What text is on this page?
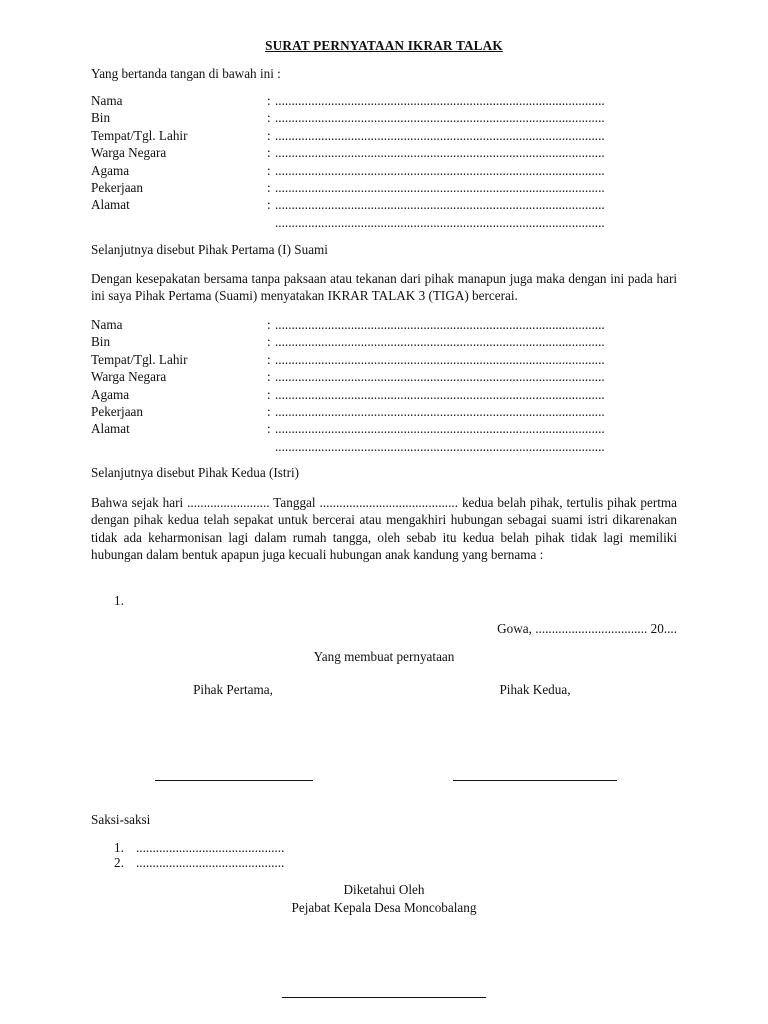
SURAT PERNYATAAN IKRAR TALAK
Yang bertanda tangan di bawah ini :
Nama	: ....................................................................................................
Bin	: ....................................................................................................
Tempat/Tgl. Lahir	: ....................................................................................................
Warga Negara	: ....................................................................................................
Agama	: ....................................................................................................
Pekerjaan	: ....................................................................................................
Alamat	: ....................................................................................................
....................................................................................................
Selanjutnya disebut Pihak Pertama (I) Suami
Dengan kesepakatan bersama tanpa paksaan atau tekanan dari pihak manapun juga maka dengan ini pada hari ini saya Pihak Pertama (Suami) menyatakan IKRAR TALAK 3 (TIGA) bercerai.
Nama	: ....................................................................................................
Bin	: ....................................................................................................
Tempat/Tgl. Lahir	: ....................................................................................................
Warga Negara	: ....................................................................................................
Agama	: ....................................................................................................
Pekerjaan	: ....................................................................................................
Alamat	: ....................................................................................................
....................................................................................................
Selanjutnya disebut Pihak Kedua (Istri)
Bahwa sejak hari ......................... Tanggal .......................................... kedua belah pihak, tertulis pihak pertma dengan pihak kedua telah sepakat untuk bercerai atau mengakhiri hubungan sebagai suami istri dikarenakan tidak ada keharmonisan lagi dalam rumah tangga, oleh sebab itu kedua belah pihak tidak lagi memiliki hubungan dalam bentuk apapun juga kecuali hubungan anak kandung yang bernama :
1.
Gowa, .................................. 20....
Yang membuat pernyataan
Pihak Pertama,	Pihak Kedua,
Saksi-saksi
1. .............................................
2. .............................................
Diketahui Oleh
Pejabat Kepala Desa Moncobalang
